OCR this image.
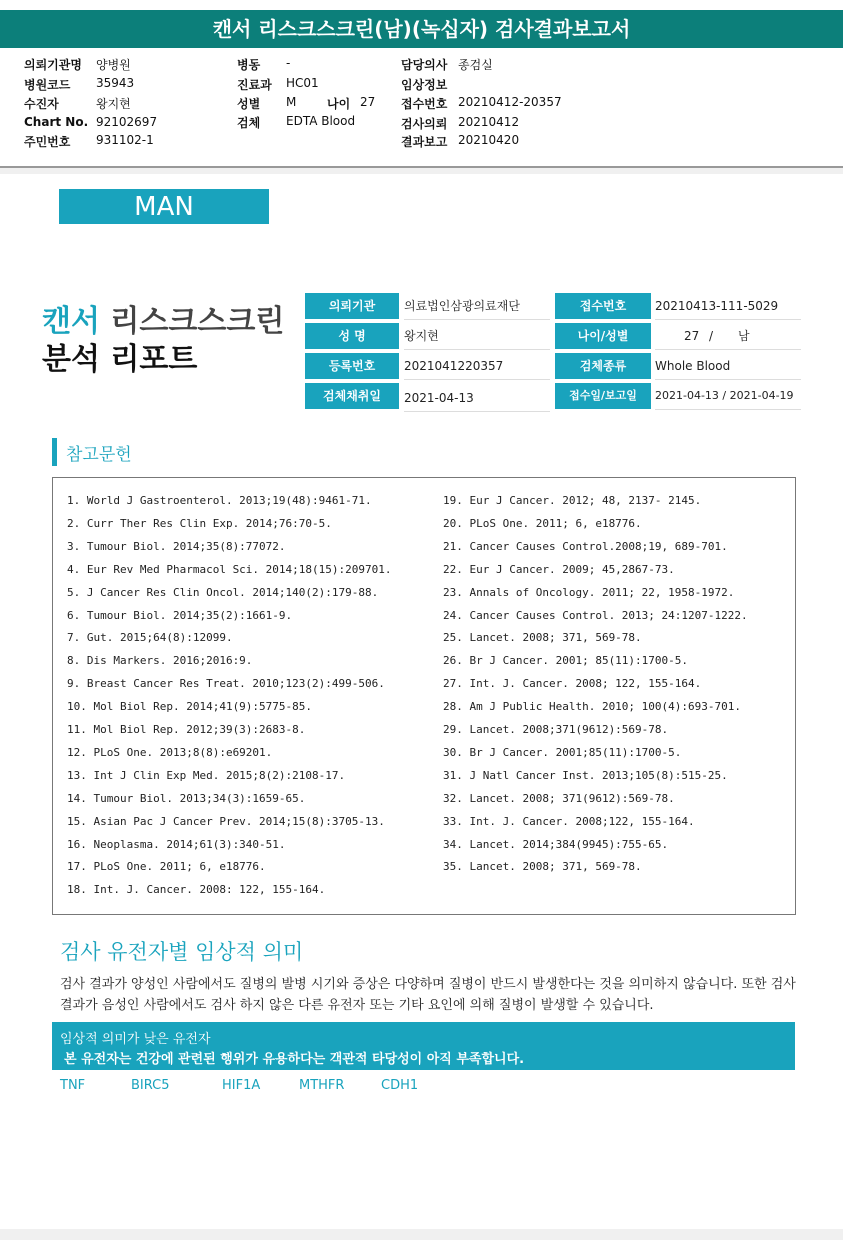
캔서 리스크스크린(남)(녹십자) 검사결과보고서
의뢰기관명 양병원
병원코드 35943
수진자	왕지현
Chart No. 92102697
주민번호 931102-1
병동 -
진료과 HC01
성별 M	나이 27
검체 EDTA Blood
담당의사 종검실
임상정보
접수번호 20210412-20357
검사의뢰 20210412
결과보고 20210420
MAN
캔서 리스크스크린
분석 리포트
의뢰기관	의료법인삼광의료재단	접수번호	20210413-111-5029
성 명	왕지현	나이/성별	27 / 남
등록번호	2021041220357	검체종류	Whole Blood
검체채취일	2021-04-13	접수일/보고일	2021-04-13 / 2021-04-19
참고문헌
1. World J Gastroenterol. 2013;19(48):9461-71.
2. Curr Ther Res Clin Exp. 2014;76:70-5.
3. Tumour Biol. 2014;35(8):77072.
4. Eur Rev Med Pharmacol Sci. 2014;18(15):209701.
5. J Cancer Res Clin Oncol. 2014;140(2):179-88.
6. Tumour Biol. 2014;35(2):1661-9.
7. Gut. 2015;64(8):12099.
8. Dis Markers. 2016;2016:9.
9. Breast Cancer Res Treat. 2010;123(2):499-506.
10. Mol Biol Rep. 2014;41(9):5775-85.
11. Mol Biol Rep. 2012;39(3):2683-8.
12. PLoS One. 2013;8(8):e69201.
13. Int J Clin Exp Med. 2015;8(2):2108-17.
14. Tumour Biol. 2013;34(3):1659-65.
15. Asian Pac J Cancer Prev. 2014;15(8):3705-13.
16. Neoplasma. 2014;61(3):340-51.
17. PLoS One. 2011; 6, e18776.
18. Int. J. Cancer. 2008: 122, 155-164.
19. Eur J Cancer. 2012; 48, 2137- 2145.
20. PLoS One. 2011; 6, e18776.
21. Cancer Causes Control.2008;19, 689-701.
22. Eur J Cancer. 2009; 45,2867-73.
23. Annals of Oncology. 2011; 22, 1958-1972.
24. Cancer Causes Control. 2013; 24:1207-1222.
25. Lancet. 2008; 371, 569-78.
26. Br J Cancer. 2001; 85(11):1700-5.
27. Int. J. Cancer. 2008; 122, 155-164.
28. Am J Public Health. 2010; 100(4):693-701.
29. Lancet. 2008;371(9612):569-78.
30. Br J Cancer. 2001;85(11):1700-5.
31. J Natl Cancer Inst. 2013;105(8):515-25.
32. Lancet. 2008; 371(9612):569-78.
33. Int. J. Cancer. 2008;122, 155-164.
34. Lancet. 2014;384(9945):755-65.
35. Lancet. 2008; 371, 569-78.
검사 유전자별 임상적 의미
검사 결과가 양성인 사람에서도 질병의 발병 시기와 증상은 다양하며 질병이 반드시 발생한다는 것을 의미하지 않습니다. 또한 검사 결과가 음성인 사람에서도 검사 하지 않은 다른 유전자 또는 기타 요인에 의해 질병이 발생할 수 있습니다.
임상적 의미가 낮은 유전자
본 유전자는 건강에 관련된 행위가 유용하다는 객관적 타당성이 아직 부족합니다.
TNF	BIRC5	HIF1A	MTHFR	CDH1
